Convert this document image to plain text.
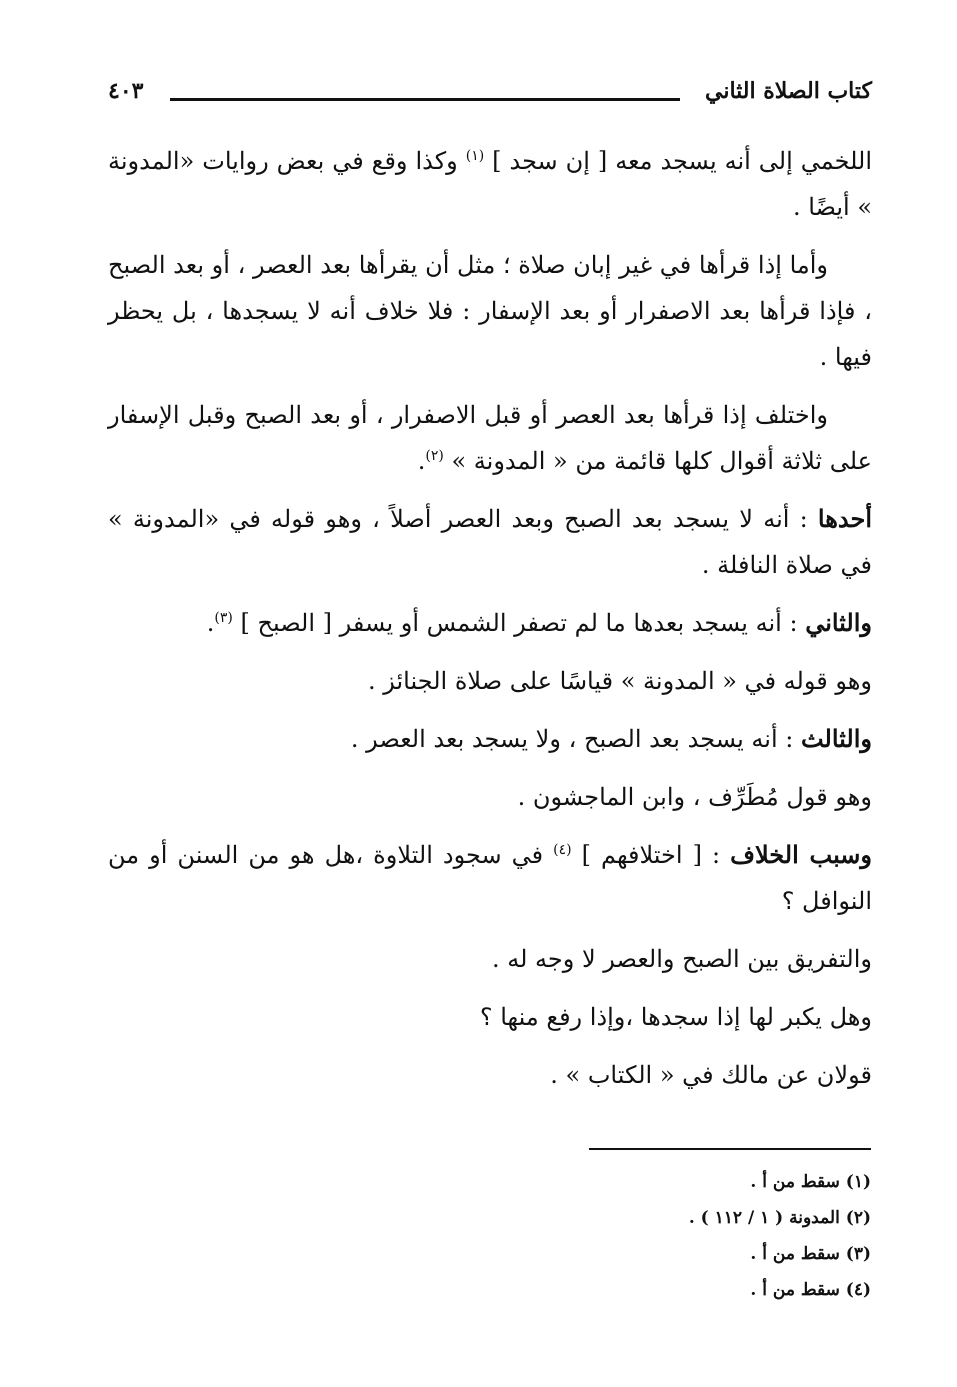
كتاب الصلاة الثاني
٤٠٣

اللخمي إلى أنه يسجد معه [ إن سجد ] $^{(١)}$ وكذا وقع في بعض روايات «المدونة » أيضًا .

وأما إذا قرأها في غير إبان صلاة ؛ مثل أن يقرأها بعد العصر ، أو بعد الصبح ، فإذا قرأها بعد الاصفرار أو بعد الإسفار : فلا خلاف أنه لا يسجدها ، بل يحظر فيها .

واختلف إذا قرأها بعد العصر أو قبل الاصفرار ، أو بعد الصبح وقبل الإسفار على ثلاثة أقوال كلها قائمة من « المدونة » $^{(٢)}$.

أحدها : أنه لا يسجد بعد الصبح وبعد العصر أصلاً ، وهو قوله في «المدونة » في صلاة النافلة .

والثاني : أنه يسجد بعدها ما لم تصفر الشمس أو يسفر [ الصبح ] $^{(٣)}$.

وهو قوله في « المدونة » قياسًا على صلاة الجنائز .

والثالث : أنه يسجد بعد الصبح ، ولا يسجد بعد العصر .

وهو قول مُطَرِّف ، وابن الماجشون .

وسبب الخلاف : [ اختلافهم ] $^{(٤)}$ في سجود التلاوة ،هل هو من السنن أو من النوافل ؟

والتفريق بين الصبح والعصر لا وجه له .

وهل يكبر لها إذا سجدها ،وإذا رفع منها ؟

قولان عن مالك في « الكتاب » .

(١) سقط من أ .
(٢) المدونة ( ١ / ١١٢ ) .
(٣) سقط من أ .
(٤) سقط من أ .
